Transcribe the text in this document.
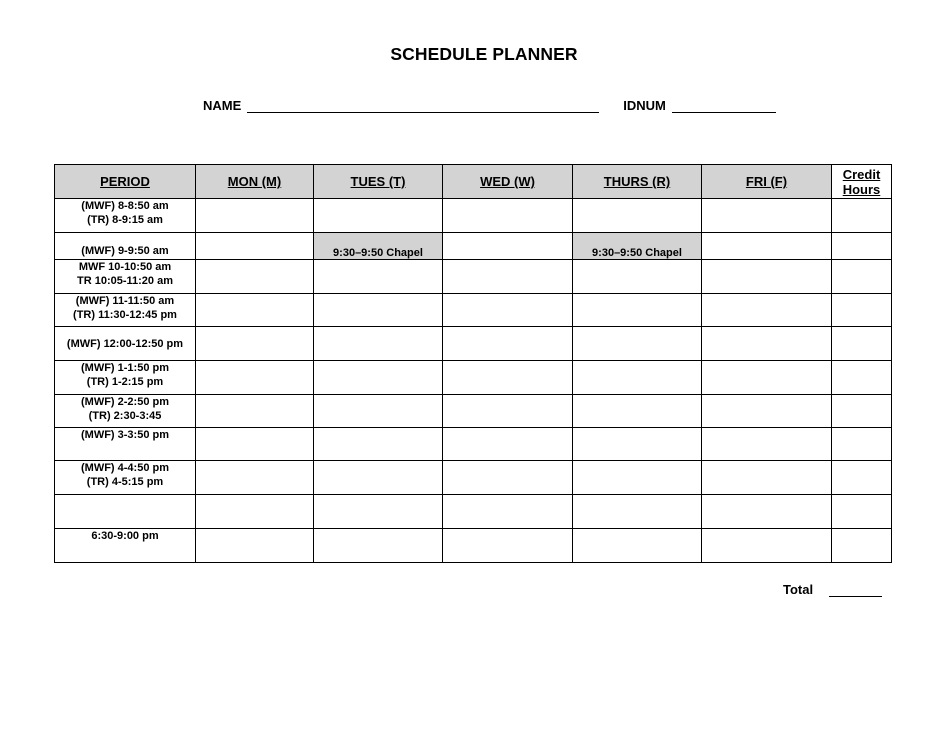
SCHEDULE PLANNER
NAME	IDNUM
PERIOD	MON (M)	TUES (T)	WED (W)	THURS (R)	FRI (F)	Credit
Hours

(MWF) 8-8:50 am
(TR) 8-9:15 am						

(MWF) 9-9:50 am		9:30–9:50 Chapel		9:30–9:50 Chapel		

MWF 10-10:50 am
TR 10:05-11:20 am						

(MWF) 11-11:50 am
(TR) 11:30-12:45 pm						

(MWF) 12:00-12:50 pm						

(MWF) 1-1:50 pm
(TR) 1-2:15 pm						

(MWF) 2-2:50 pm
(TR) 2:30-3:45						

(MWF) 3-3:50 pm						

(MWF) 4-4:50 pm
(TR) 4-5:15 pm						

6:30-9:00 pm						

Total
